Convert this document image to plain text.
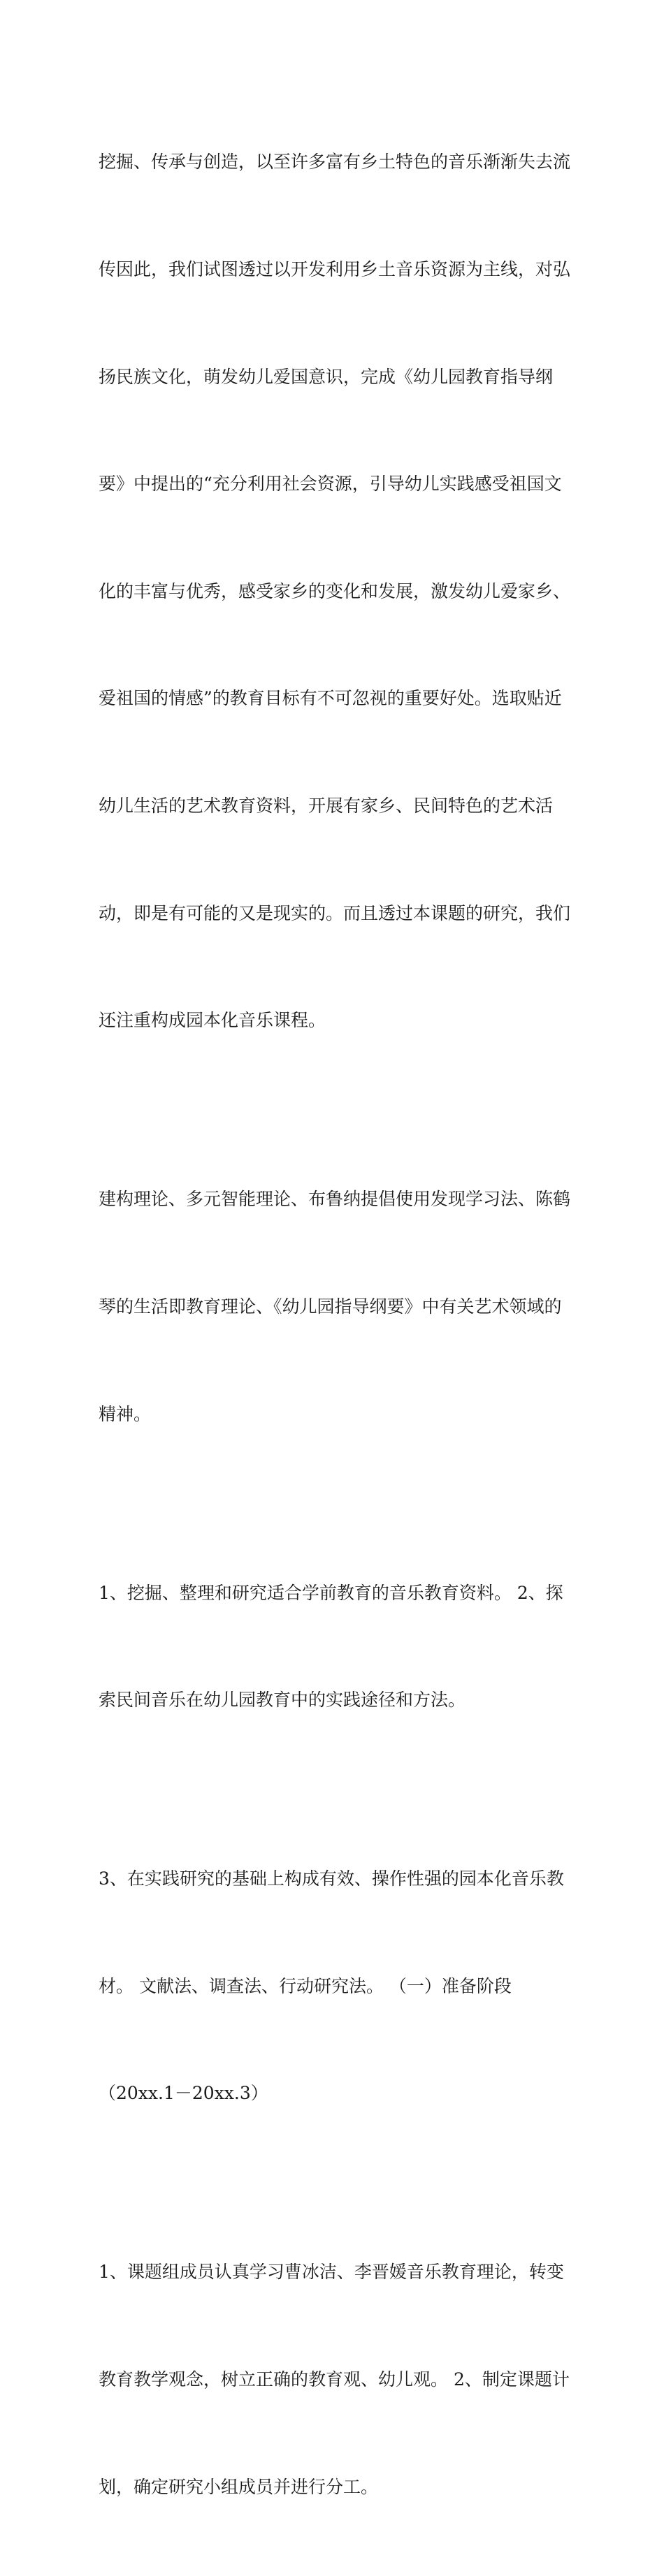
挖掘、传承与创造，以至许多富有乡土特色的音乐渐渐失去流

传因此，我们试图透过以开发利用乡土音乐资源为主线，对弘

扬民族文化，萌发幼儿爱国意识，完成《幼儿园教育指导纲

要》中提出的“充分利用社会资源，引导幼儿实践感受祖国文

化的丰富与优秀，感受家乡的变化和发展，激发幼儿爱家乡、

爱祖国的情感”的教育目标有不可忽视的重要好处。选取贴近

幼儿生活的艺术教育资料，开展有家乡、民间特色的艺术活

动，即是有可能的又是现实的。而且透过本课题的研究，我们

还注重构成园本化音乐课程。

建构理论、多元智能理论、布鲁纳提倡使用发现学习法、陈鹤

琴的生活即教育理论、《幼儿园指导纲要》中有关艺术领域的

精神。

1、挖掘、整理和研究适合学前教育的音乐教育资料。 2、探

索民间音乐在幼儿园教育中的实践途径和方法。

3、在实践研究的基础上构成有效、操作性强的园本化音乐教

材。 文献法、调查法、行动研究法。 （一）准备阶段

（20xx.1－20xx.3）

1、课题组成员认真学习曹冰洁、李晋媛音乐教育理论，转变

教育教学观念，树立正确的教育观、幼儿观。 2、制定课题计

划，确定研究小组成员并进行分工。
